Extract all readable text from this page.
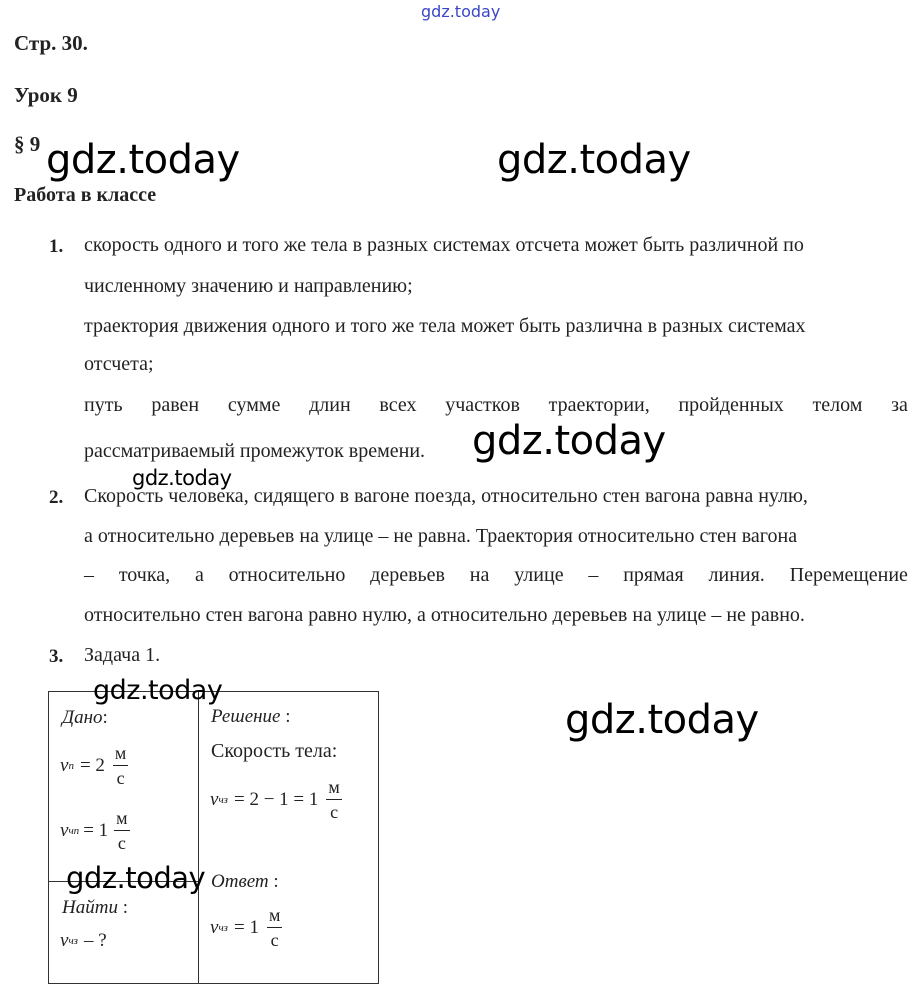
gdz.today
Стр. 30.
Урок 9
§ 9
Работа в классе
1. скорость одного и того же тела в разных системах отсчета может быть различной по
численному значению и направлению;
траектория движения одного и того же тела может быть различна в разных системах
отсчета;
путь равен сумме длин всех участков траектории, пройденных телом за
рассматриваемый промежуток времени.
2. Скорость человека, сидящего в вагоне поезда, относительно стен вагона равна нулю,
а относительно деревьев на улице – не равна. Траектория относительно стен вагона
– точка, а относительно деревьев на улице – прямая линия. Перемещение
относительно стен вагона равно нулю, а относительно деревьев на улице – не равно.
3. Задача 1.
Дано:
v $п = 2 \frac{м}{с}$
v чп = $1 \frac{м}{с}$
Найти :
v чз – ?
Решение :
Скорость тела:
v чз = $2 - 1 = 1 \frac{м}{с}$
Ответ :
v чз = $1 \frac{м}{с}$
gdz.today	gdz.today
gdz.today
gdz.today
gdz.today
gdz.today
gdz.today
